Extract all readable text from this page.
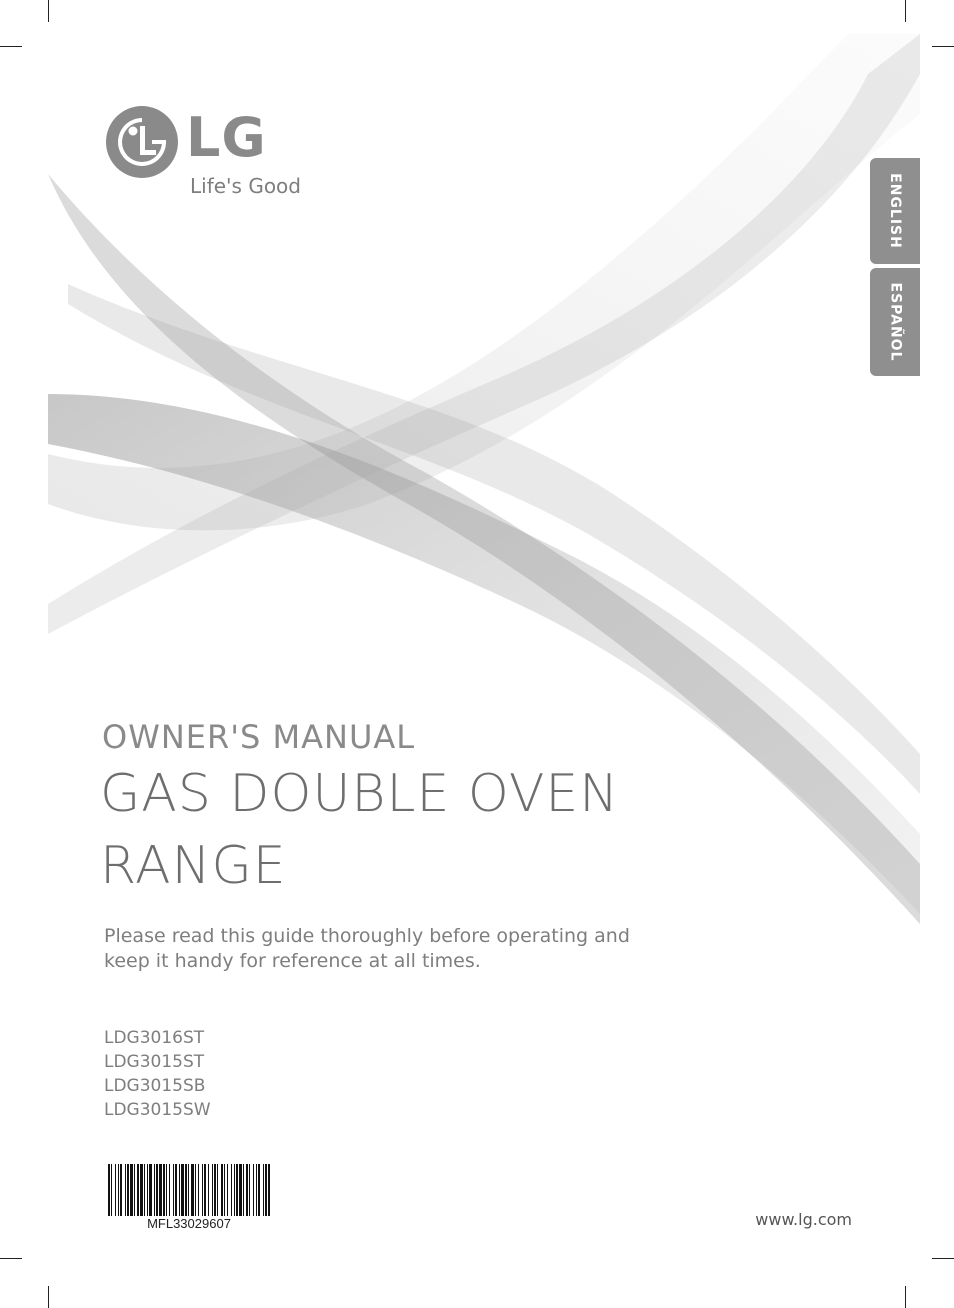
LG
Life's Good	ENGLISH
ESPAÑOL
OWNER'S MANUAL
GAS DOUBLE OVEN RANGE
Please read this guide thoroughly before operating and keep it handy for reference at all times.
LDG3016ST
LDG3015ST
LDG3015SB
LDG3015SW
MFL33029607	www.lg.com
